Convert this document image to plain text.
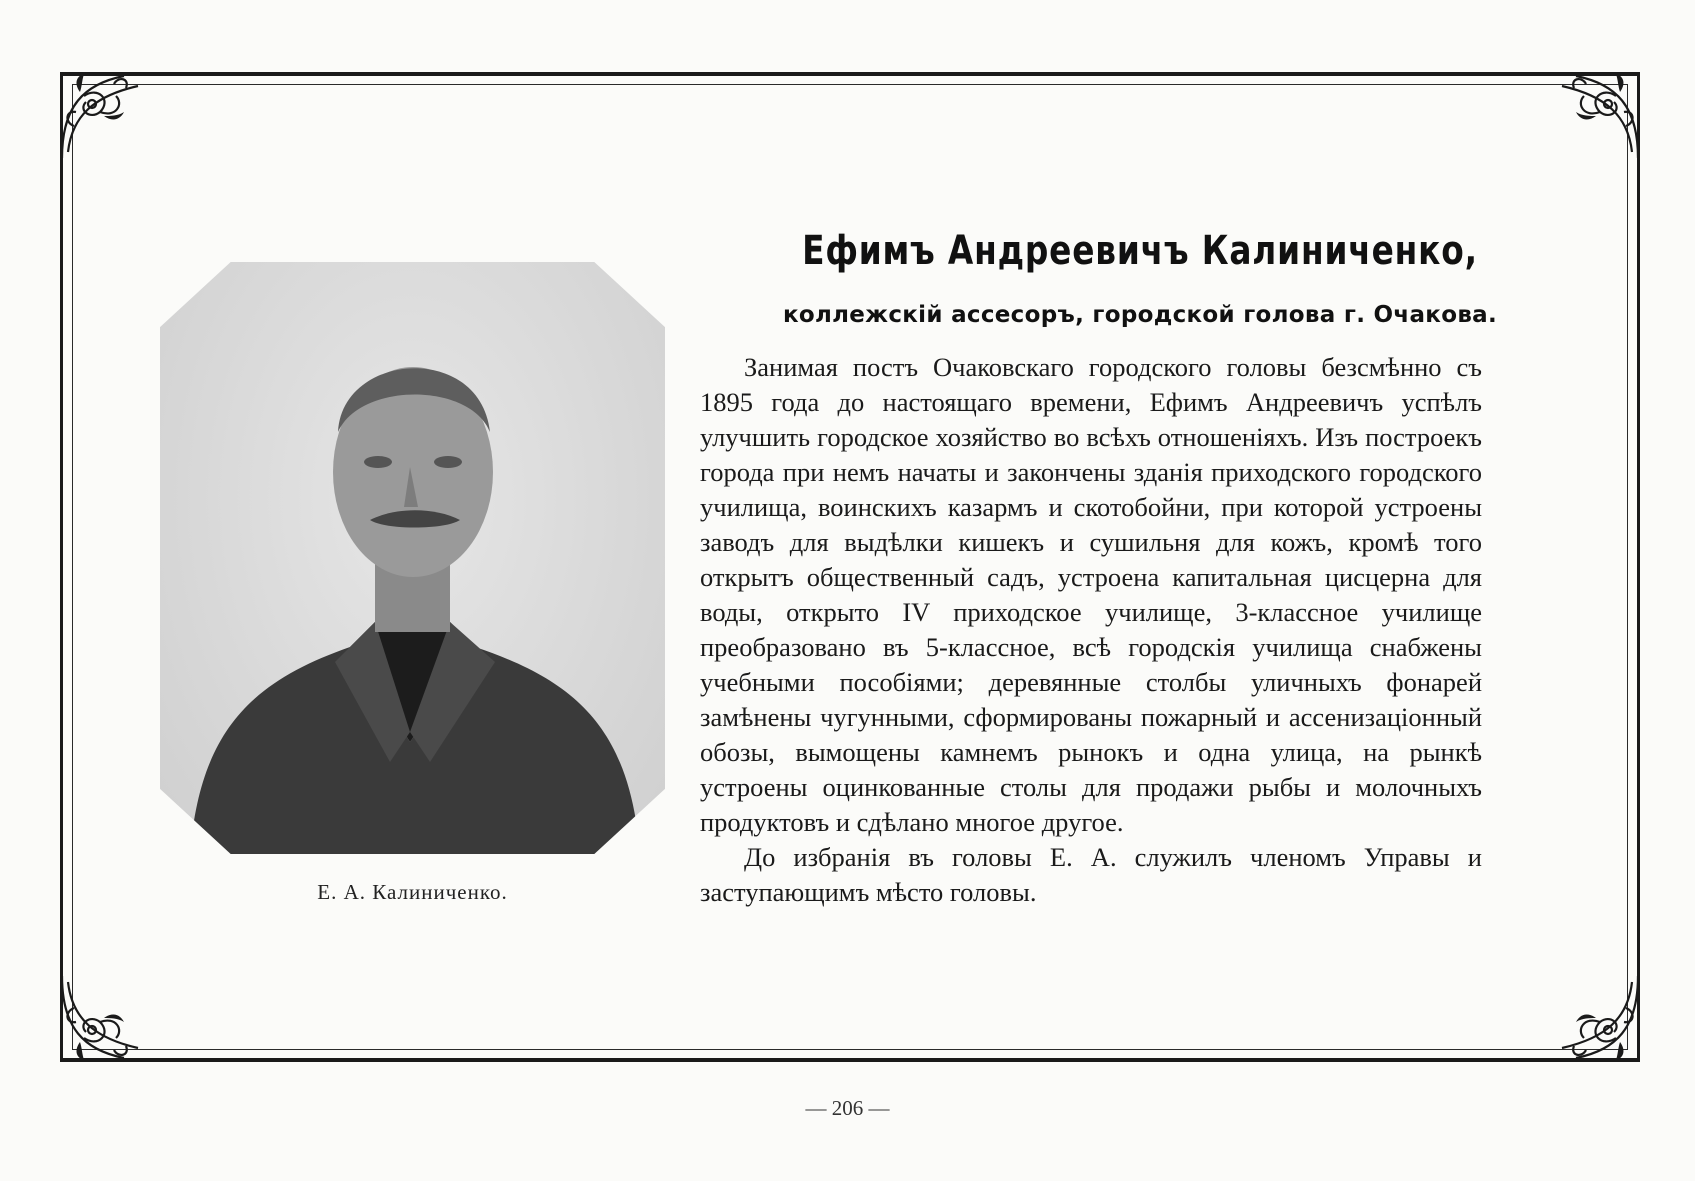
Е. А. Калиниченко.
Ефимъ Андреевичъ Калиниченко,
коллежскій ассесоръ, городской голова г. Очакова.

Занимая постъ Очаковскаго городского головы безсмѣнно съ 1895 года до настоящаго времени, Ефимъ Андреевичъ успѣлъ улучшить городское хозяйство во всѣхъ отношеніяхъ. Изъ построекъ города при немъ начаты и закончены зданія приходского городского училища, воинскихъ казармъ и скотобойни, при которой устроены заводъ для выдѣлки кишекъ и сушильня для кожъ, кромѣ того открытъ общественный садъ, устроена капитальная цисцерна для воды, открыто IV приходское училище, 3-классное училище преобразовано въ 5-классное, всѣ городскія училища снабжены учебными пособіями; деревянные столбы уличныхъ фонарей замѣнены чугунными, сформированы пожарный и ассенизаціонный обозы, вымощены камнемъ рынокъ и одна улица, на рынкѣ устроены оцинкованные столы для продажи рыбы и молочныхъ продуктовъ и сдѣлано многое другое.

До избранія въ головы Е. А. служилъ членомъ Управы и заступающимъ мѣсто головы.

— 206 —
